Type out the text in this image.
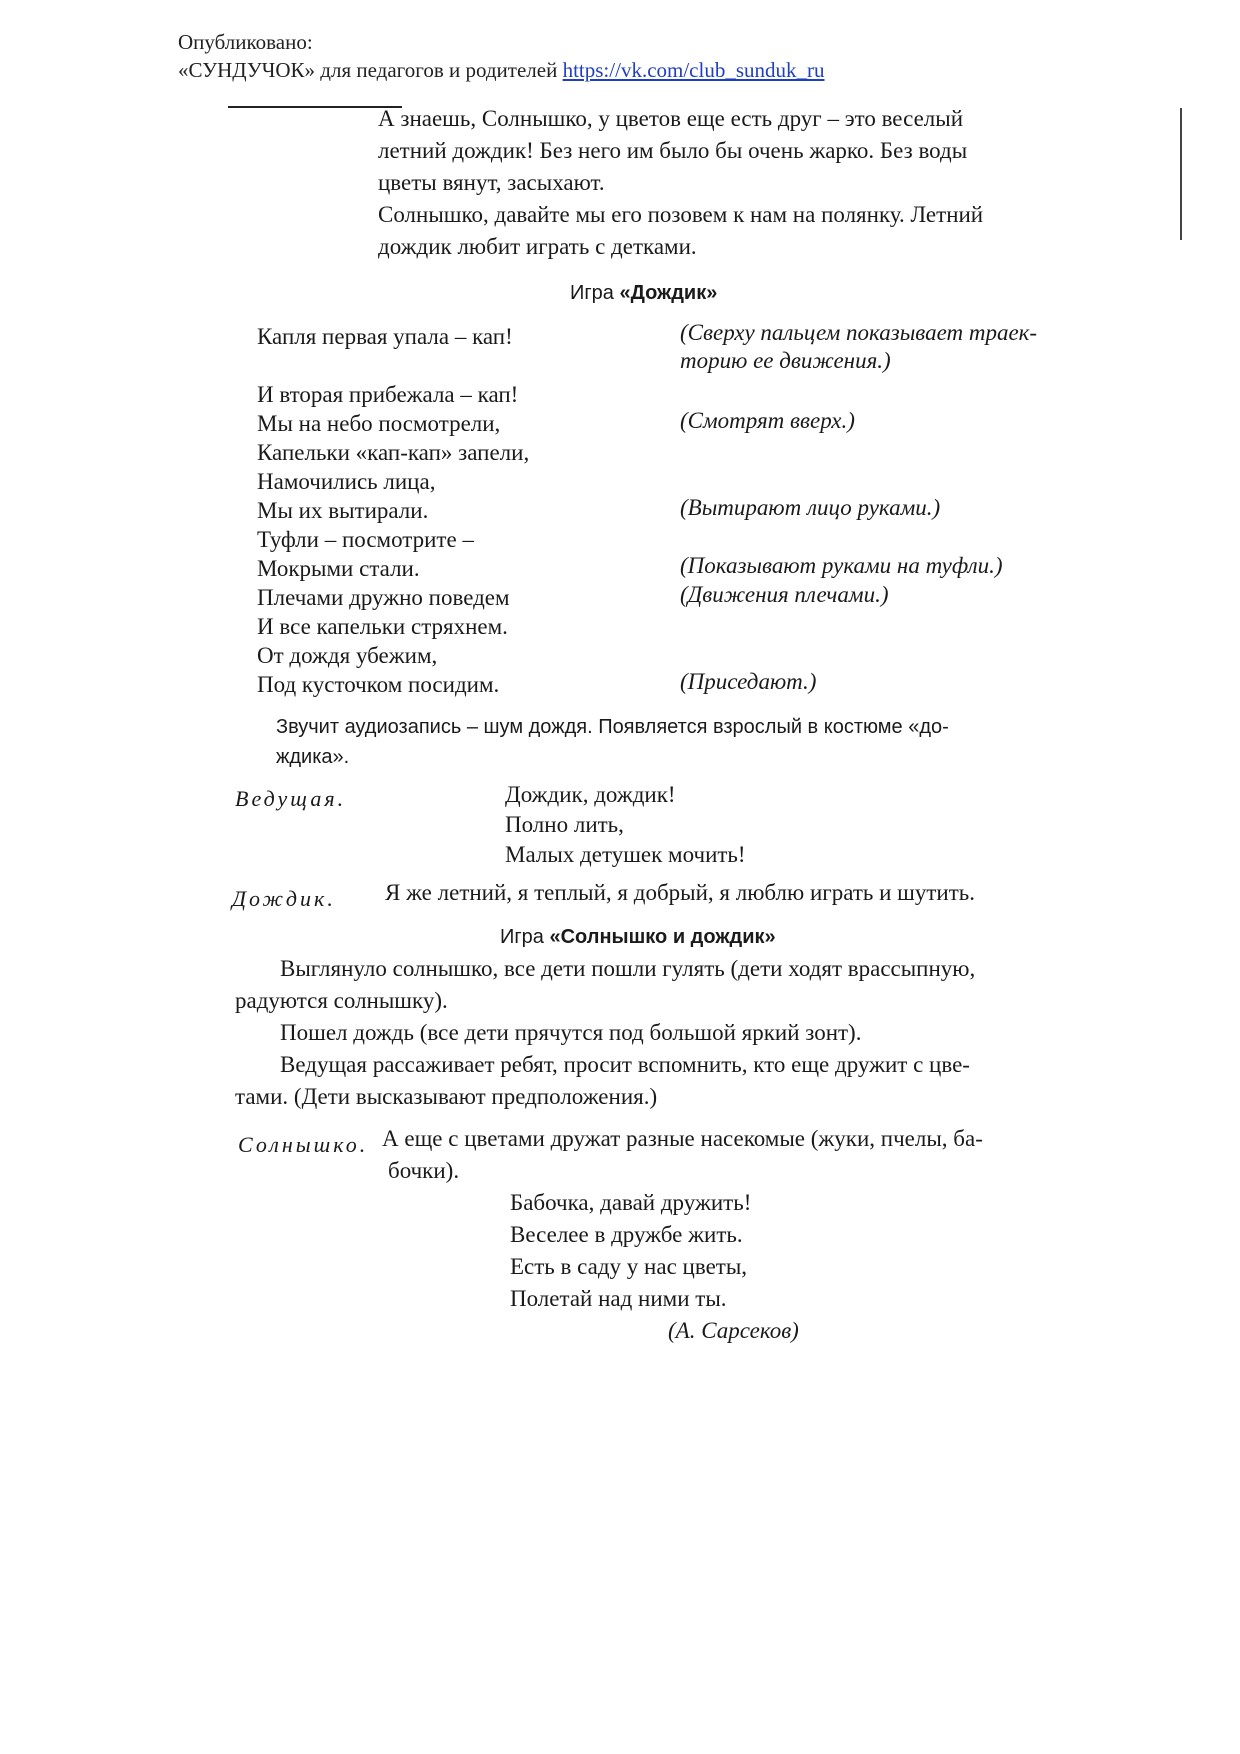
Опубликовано:
«СУНДУЧОК» для педагогов и родителей https://vk.com/club_sunduk_ru
А знаешь, Солнышко, у цветов еще есть друг – это веселый
летний дождик! Без него им было бы очень жарко. Без воды
цветы вянут, засыхают.
Солнышко, давайте мы его позовем к нам на полянку. Летний
дождик любит играть с детками.
Игра «Дождик»
Капля первая упала – кап!
И вторая прибежала – кап!
Мы на небо посмотрели,
Капельки «кап-кап» запели,
Намочились лица,
Мы их вытирали.
Туфли – посмотрите –
Мокрыми стали.
Плечами дружно поведем
И все капельки стряхнем.
От дождя убежим,
Под кусточком посидим.
(Сверху пальцем показывает траек-
торию ее движения.)
(Смотрят вверх.)
(Вытирают лицо руками.)
(Показывают руками на туфли.)
(Движения плечами.)
(Приседают.)
Звучит аудиозапись – шум дождя. Появляется взрослый в костюме «до-
ждика».
Ведущая.	Дождик, дождик!
Полно лить,
Малых детушек мочить!
Дождик. Я же летний, я теплый, я добрый, я люблю играть и шутить.
Игра «Солнышко и дождик»
Выглянуло солнышко, все дети пошли гулять (дети ходят врассыпную,
радуются солнышку).
Пошел дождь (все дети прячутся под большой яркий зонт).
Ведущая рассаживает ребят, просит вспомнить, кто еще дружит с цве-
тами. (Дети высказывают предположения.)
Солнышко. А еще с цветами дружат разные насекомые (жуки, пчелы, ба-
бочки).
Бабочка, давай дружить!
Веселее в дружбе жить.
Есть в саду у нас цветы,
Полетай над ними ты.
(А. Сарсеков)
